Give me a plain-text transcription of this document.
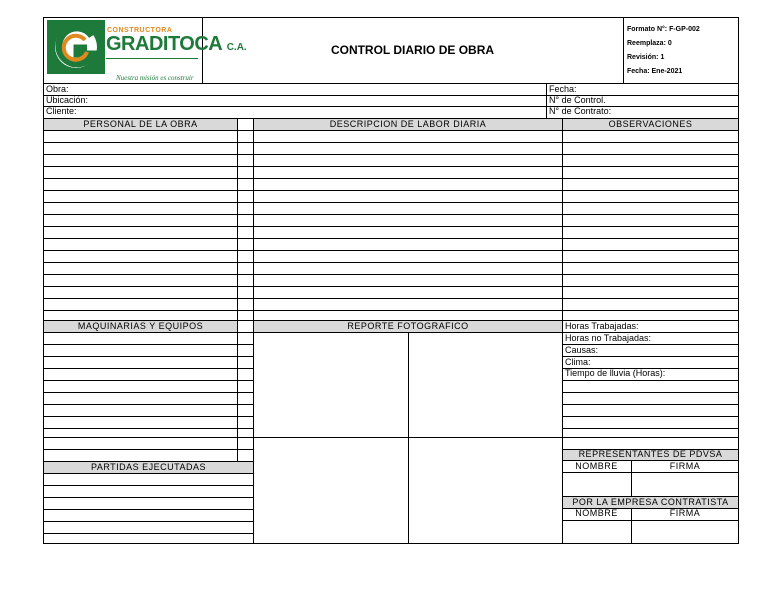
CONSTRUCTORA
GRADITOCA C.A.
Nuestra misión es construir
CONTROL DIARIO DE OBRA
Formato N°: F-GP-002
Reemplaza: 0
Revisión: 1
Fecha: Ene-2021
Obra:
Ubicación:
Cliente:
Fecha:
N° de Control.
N° de Contrato:
PERSONAL DE LA OBRA	DESCRIPCION DE LABOR DIARIA	OBSERVACIONES
MAQUINARIAS Y EQUIPOS	REPORTE FOTOGRAFICO	Horas Trabajadas:
Horas no Trabajadas:
Causas:
Clima:
Tiempo de lluvia (Horas):
REPRESENTANTES DE PDVSA
NOMBRE	FIRMA
PARTIDAS EJECUTADAS
POR LA EMPRESA CONTRATISTA
NOMBRE	FIRMA
